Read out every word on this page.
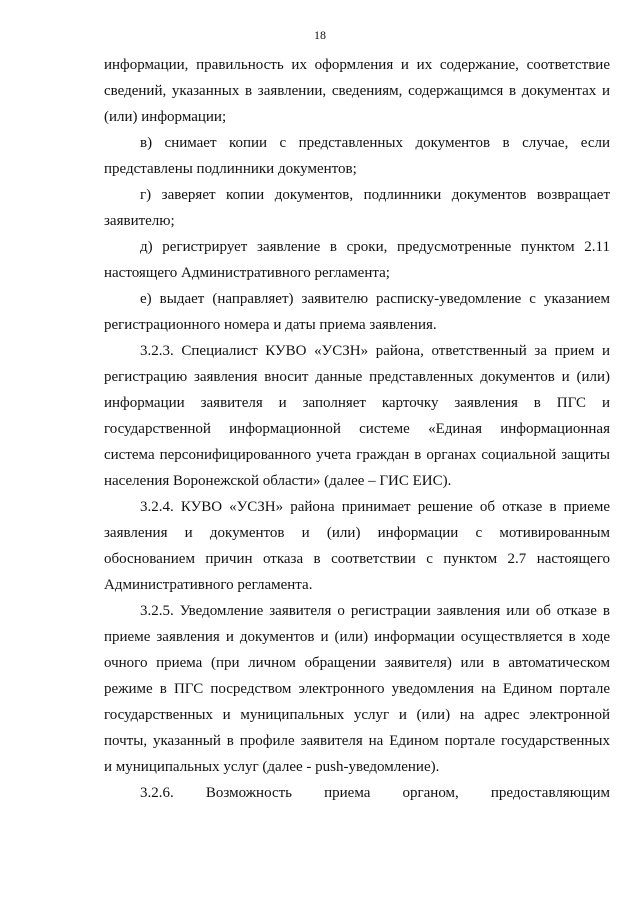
18
информации, правильность их оформления и их содержание, соответствие
сведений, указанных в заявлении, сведениям, содержащимся в документах и
(или) информации;
в) снимает копии с представленных документов в случае, если
представлены подлинники документов;
г) заверяет копии документов, подлинники документов возвращает
заявителю;
д) регистрирует заявление в сроки, предусмотренные пунктом 2.11
настоящего Административного регламента;
е) выдает (направляет) заявителю расписку-уведомление с указанием
регистрационного номера и даты приема заявления.
3.2.3. Специалист КУВО «УСЗН» района, ответственный за прием и
регистрацию заявления вносит данные представленных документов и (или)
информации заявителя и заполняет карточку заявления в ПГС и
государственной информационной системе «Единая информационная
система персонифицированного учета граждан в органах социальной защиты
населения Воронежской области» (далее – ГИС ЕИС).
3.2.4. КУВО «УСЗН» района принимает решение об отказе в приеме
заявления и документов и (или) информации с мотивированным
обоснованием причин отказа в соответствии с пунктом 2.7 настоящего
Административного регламента.
3.2.5. Уведомление заявителя о регистрации заявления или об отказе в
приеме заявления и документов и (или) информации осуществляется в ходе
очного приема (при личном обращении заявителя) или в автоматическом
режиме в ПГС посредством электронного уведомления на Едином портале
государственных и муниципальных услуг и (или) на адрес электронной
почты, указанный в профиле заявителя на Едином портале государственных
и муниципальных услуг (далее - push-уведомление).
3.2.6. Возможность приема органом, предоставляющим
